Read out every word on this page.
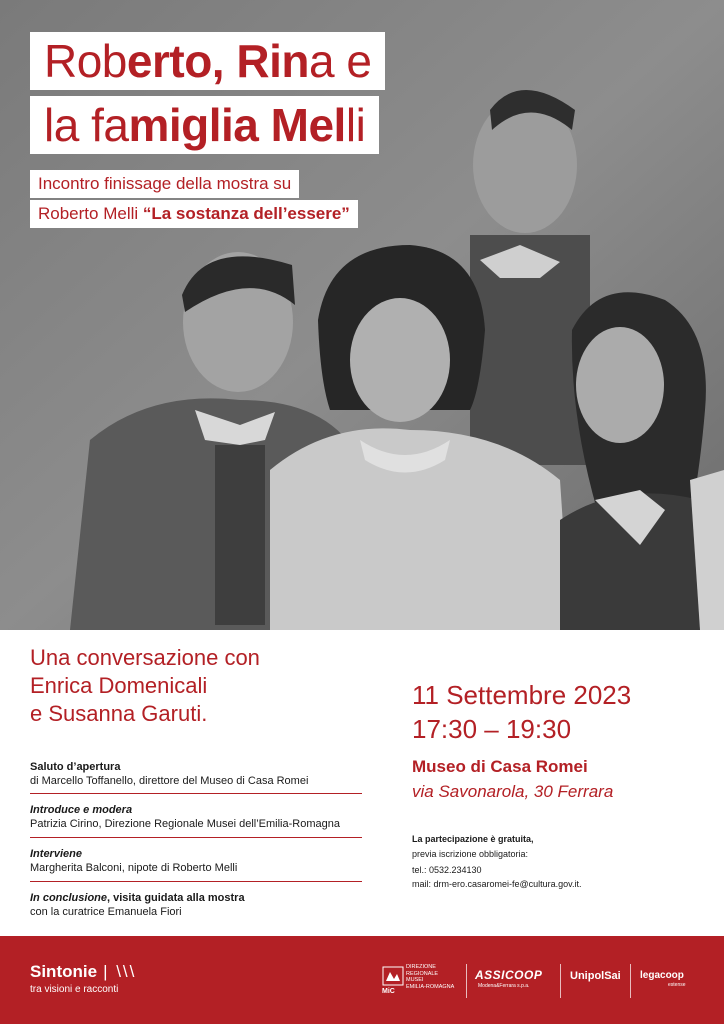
Roberto, Rina e
la famiglia Melli
Incontro finissage della mostra su
Roberto Melli “La sostanza dell’essere”
Una conversazione con
Enrica Domenicali
e Susanna Garuti.
Saluto d’apertura
di Marcello Toffanello, direttore del Museo di Casa Romei
Introduce e modera
Patrizia Cirino, Direzione Regionale Musei dell’Emilia-Romagna
Interviene
Margherita Balconi, nipote di Roberto Melli
In conclusione, visita guidata alla mostra
con la curatrice Emanuela Fiori
11 Settembre 2023
17:30 – 19:30
Museo di Casa Romei
via Savonarola, 30 Ferrara
La partecipazione è gratuita,
previa iscrizione obbligatoria:
tel.: 0532.234130
mail: drm-ero.casaromei-fe@cultura.gov.it.
Sintonie | \\\
tra visioni e racconti	MiC
DIREZIONE
REGIONALE
MUSEI
EMILIA-ROMAGNA
ASSICOOP
Modena&Ferrara s.p.a.
UnipolSai legacoop
estense
